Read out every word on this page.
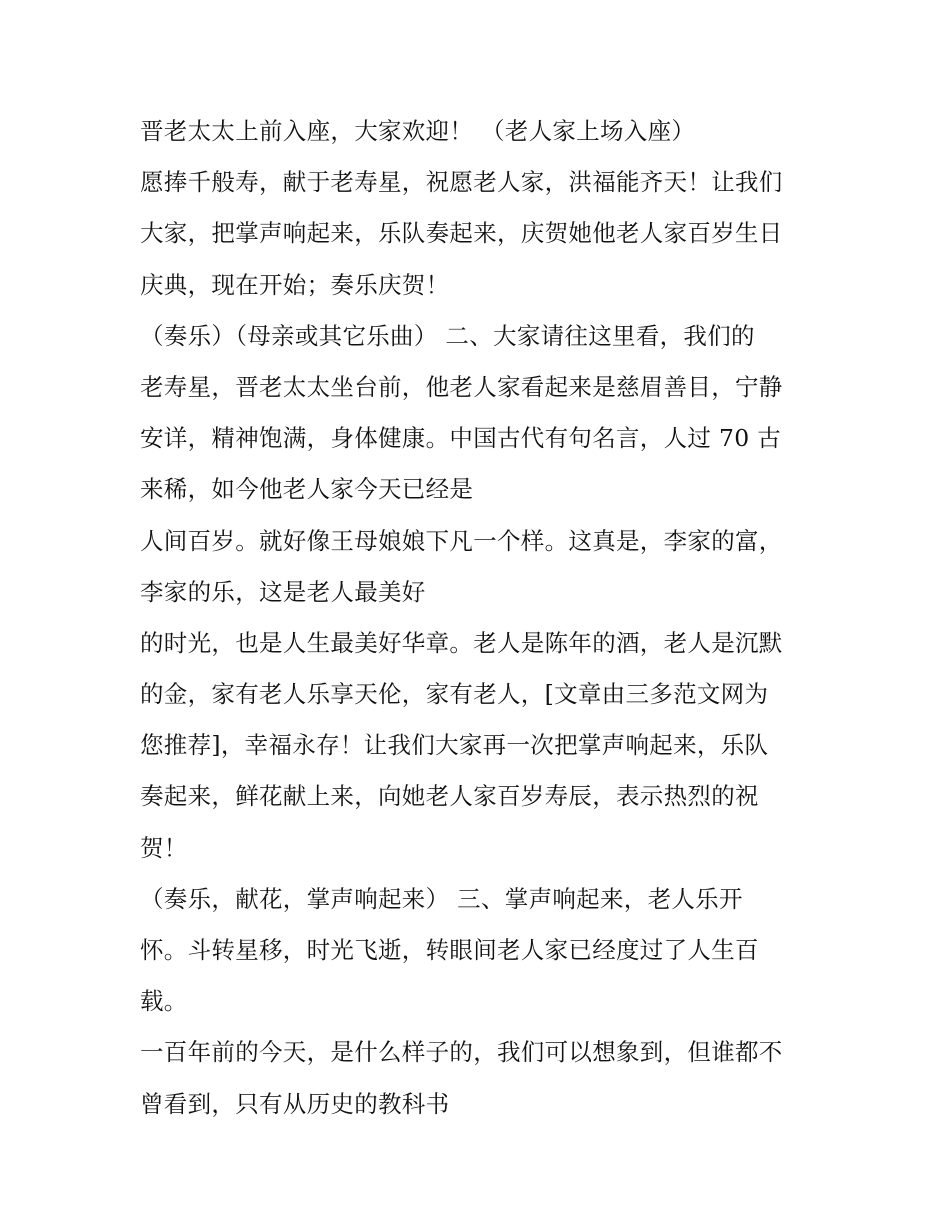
晋老太太上前入座，大家欢迎！ （老人家上场入座）
愿捧千般寿，献于老寿星，祝愿老人家，洪福能齐天！让我们
大家，把掌声响起来，乐队奏起来，庆贺她他老人家百岁生日
庆典，现在开始；奏乐庆贺！
（奏乐）（母亲或其它乐曲） 二、大家请往这里看，我们的
老寿星，晋老太太坐台前，他老人家看起来是慈眉善目，宁静
安详，精神饱满，身体健康。中国古代有句名言，人过 70 古
来稀，如今他老人家今天已经是
人间百岁。就好像王母娘娘下凡一个样。这真是，李家的富，
李家的乐，这是老人最美好
的时光，也是人生最美好华章。老人是陈年的酒，老人是沉默
的金，家有老人乐享天伦，家有老人，[文章由三多范文网为
您推荐]，幸福永存！让我们大家再一次把掌声响起来，乐队
奏起来，鲜花献上来，向她老人家百岁寿辰，表示热烈的祝
贺！
（奏乐，献花，掌声响起来） 三、掌声响起来，老人乐开
怀。斗转星移，时光飞逝，转眼间老人家已经度过了人生百
载。
一百年前的今天，是什么样子的，我们可以想象到，但谁都不
曾看到，只有从历史的教科书
